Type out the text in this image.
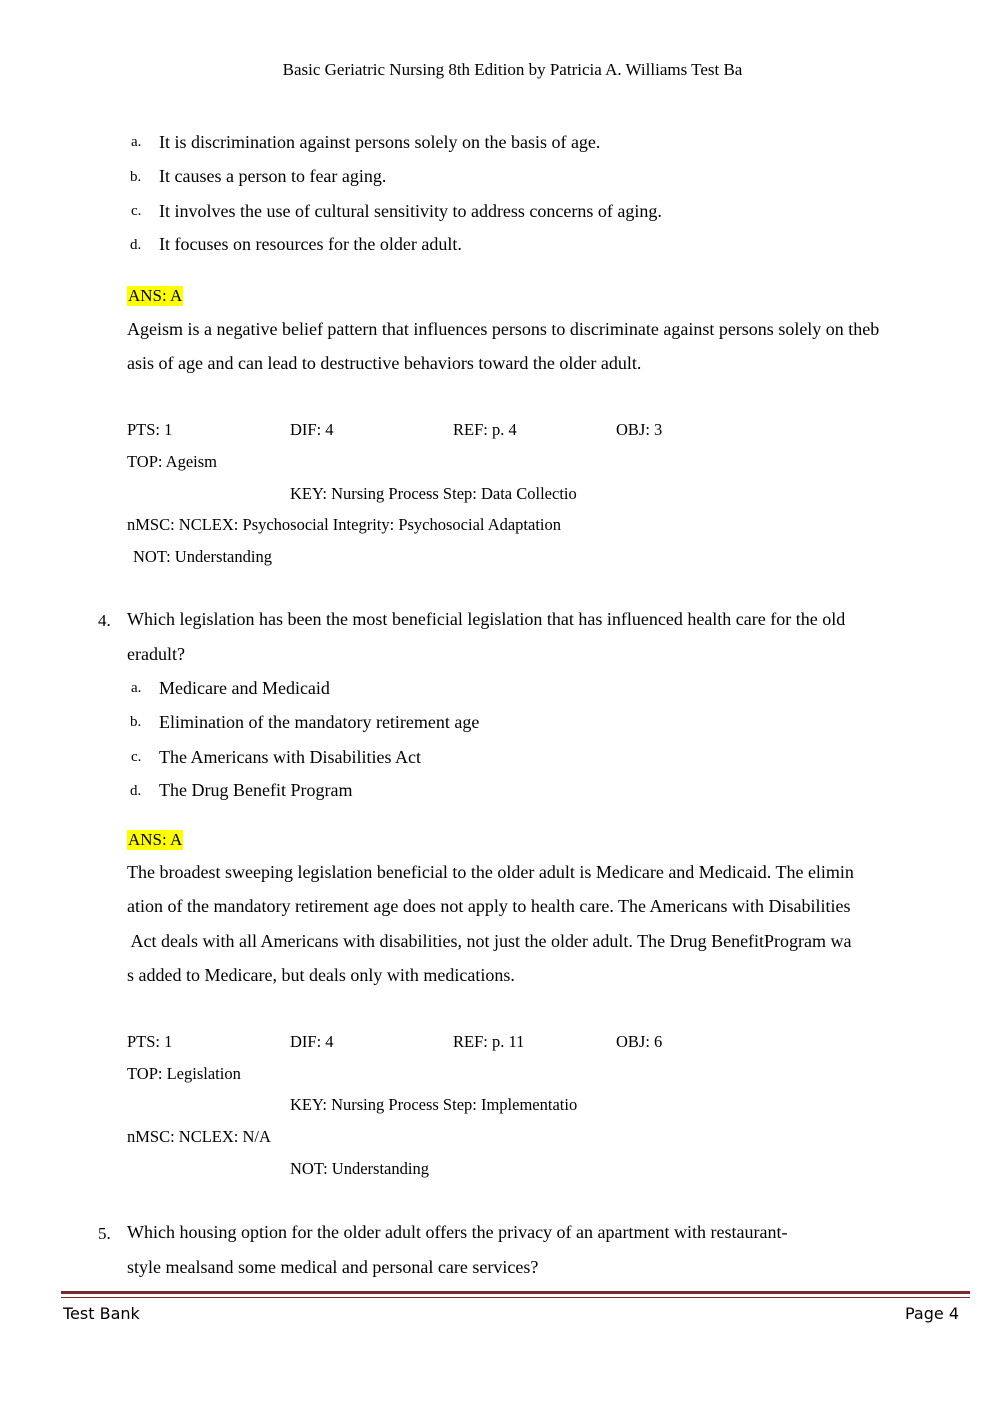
Basic Geriatric Nursing 8th Edition by Patricia A. Williams Test Ba
a. It is discrimination against persons solely on the basis of age.
b. It causes a person to fear aging.
c. It involves the use of cultural sensitivity to address concerns of aging.
d. It focuses on resources for the older adult.
ANS: A
Ageism is a negative belief pattern that influences persons to discriminate against persons solely on theb
asis of age and can lead to destructive behaviors toward the older adult.
PTS: 1	DIF: 4	REF: p. 4	OBJ: 3
TOP: Ageism
KEY: Nursing Process Step: Data Collectio
nMSC: NCLEX: Psychosocial Integrity: Psychosocial Adaptation
NOT: Understanding
4. Which legislation has been the most beneficial legislation that has influenced health care for the old
eradult?
a. Medicare and Medicaid
b. Elimination of the mandatory retirement age
c. The Americans with Disabilities Act
d. The Drug Benefit Program
ANS: A
The broadest sweeping legislation beneficial to the older adult is Medicare and Medicaid. The elimin
ation of the mandatory retirement age does not apply to health care. The Americans with Disabilities
Act deals with all Americans with disabilities, not just the older adult. The Drug BenefitProgram wa
s added to Medicare, but deals only with medications.
PTS: 1	DIF: 4	REF: p. 11	OBJ: 6
TOP: Legislation
KEY: Nursing Process Step: Implementatio
nMSC: NCLEX: N/A
NOT: Understanding
5. Which housing option for the older adult offers the privacy of an apartment with restaurant-
style mealsand some medical and personal care services?
Test Bank	Page 4
